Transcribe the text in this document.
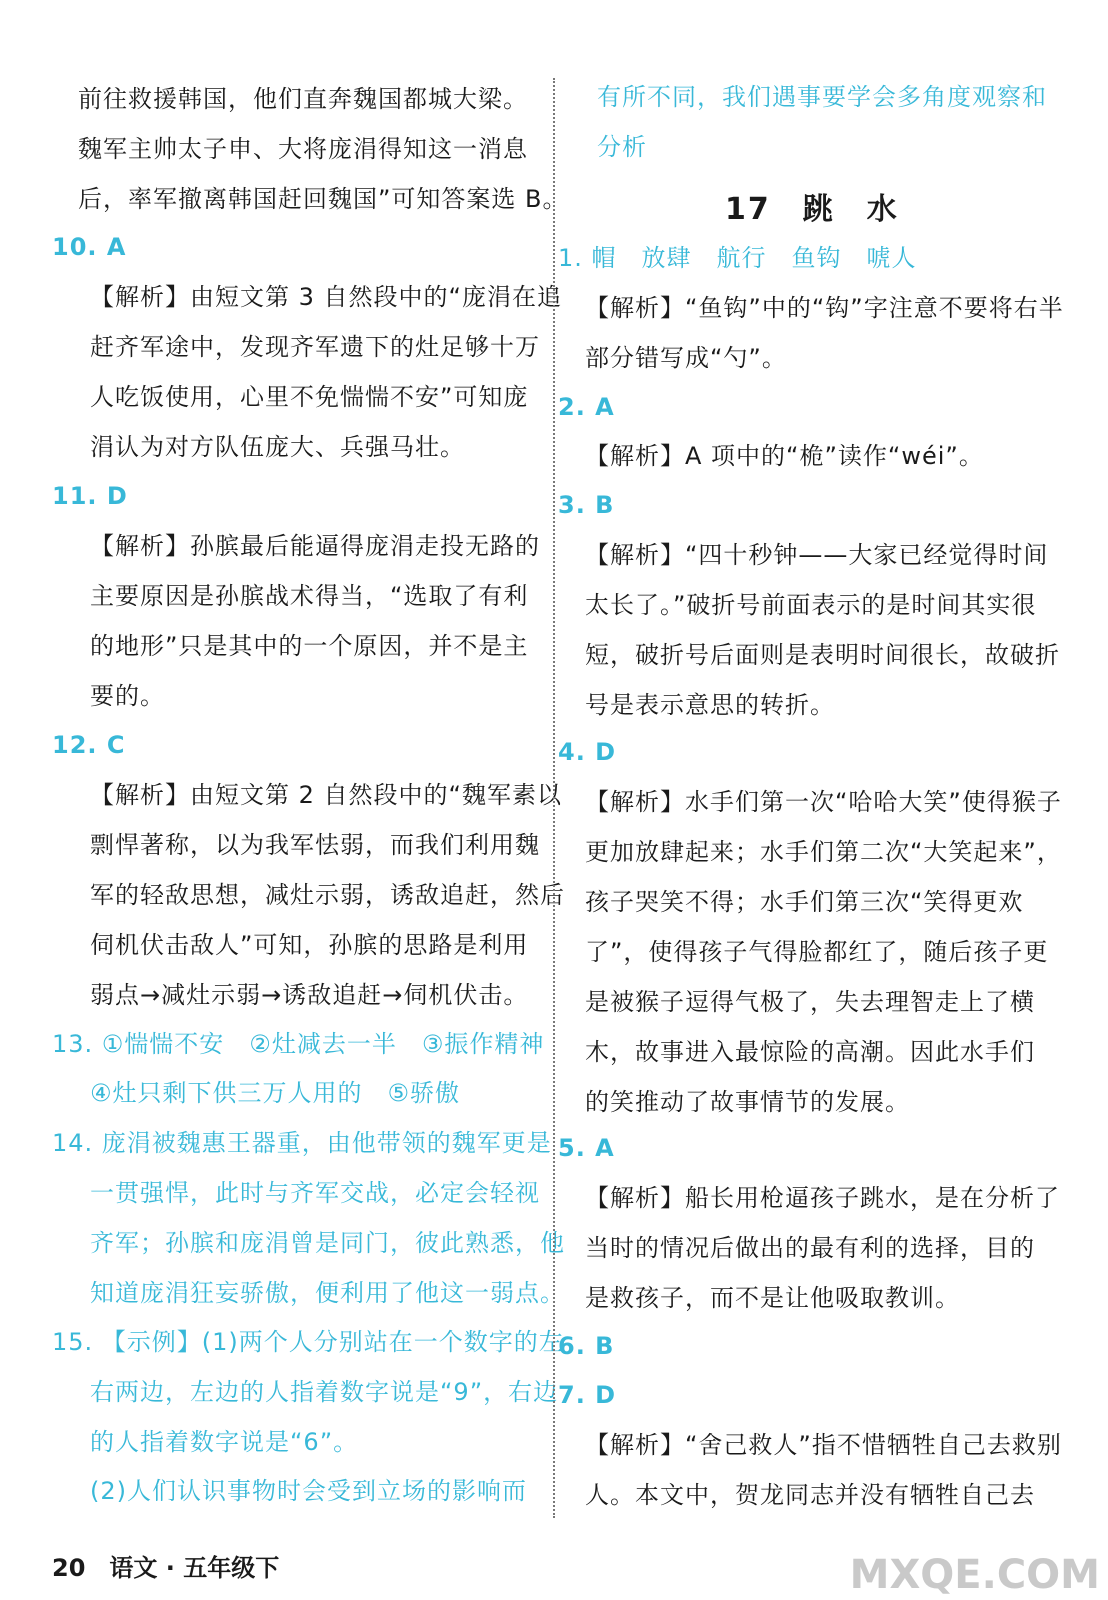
前往救援韩国，他们直奔魏国都城大梁。
魏军主帅太子申、大将庞涓得知这一消息
后，率军撤离韩国赶回魏国”可知答案选 B。
10. A
【解析】由短文第 3 自然段中的“庞涓在追
赶齐军途中，发现齐军遗下的灶足够十万
人吃饭使用，心里不免惴惴不安”可知庞
涓认为对方队伍庞大、兵强马壮。
11. D
【解析】孙膑最后能逼得庞涓走投无路的
主要原因是孙膑战术得当，“选取了有利
的地形”只是其中的一个原因，并不是主
要的。
12. C
【解析】由短文第 2 自然段中的“魏军素以
剽悍著称，以为我军怯弱，而我们利用魏
军的轻敌思想，减灶示弱，诱敌追赶，然后
伺机伏击敌人”可知，孙膑的思路是利用
弱点→减灶示弱→诱敌追赶→伺机伏击。
13. ①惴惴不安　②灶减去一半　③振作精神
④灶只剩下供三万人用的　⑤骄傲
14. 庞涓被魏惠王器重，由他带领的魏军更是
一贯强悍，此时与齐军交战，必定会轻视
齐军；孙膑和庞涓曾是同门，彼此熟悉，他
知道庞涓狂妄骄傲，便利用了他这一弱点。
15. 【示例】(1)两个人分别站在一个数字的左
右两边，左边的人指着数字说是“9”，右边
的人指着数字说是“6”。
(2)人们认识事物时会受到立场的影响而
17　跳　水
有所不同，我们遇事要学会多角度观察和
分析
1. 帽　放肆　航行　鱼钩　唬人
【解析】“鱼钩”中的“钩”字注意不要将右半
部分错写成“勺”。
2. A
【解析】A 项中的“桅”读作“wéi”。
3. B
【解析】“四十秒钟——大家已经觉得时间
太长了。”破折号前面表示的是时间其实很
短，破折号后面则是表明时间很长，故破折
号是表示意思的转折。
4. D
【解析】水手们第一次“哈哈大笑”使得猴子
更加放肆起来；水手们第二次“大笑起来”，
孩子哭笑不得；水手们第三次“笑得更欢
了”，使得孩子气得脸都红了，随后孩子更
是被猴子逗得气极了，失去理智走上了横
木，故事进入最惊险的高潮。因此水手们
的笑推动了故事情节的发展。
5. A
【解析】船长用枪逼孩子跳水，是在分析了
当时的情况后做出的最有利的选择，目的
是救孩子，而不是让他吸取教训。
6. B
7. D
【解析】“舍己救人”指不惜牺牲自己去救别
人。本文中，贺龙同志并没有牺牲自己去
20　语文 · 五年级下	MXQE.COM
